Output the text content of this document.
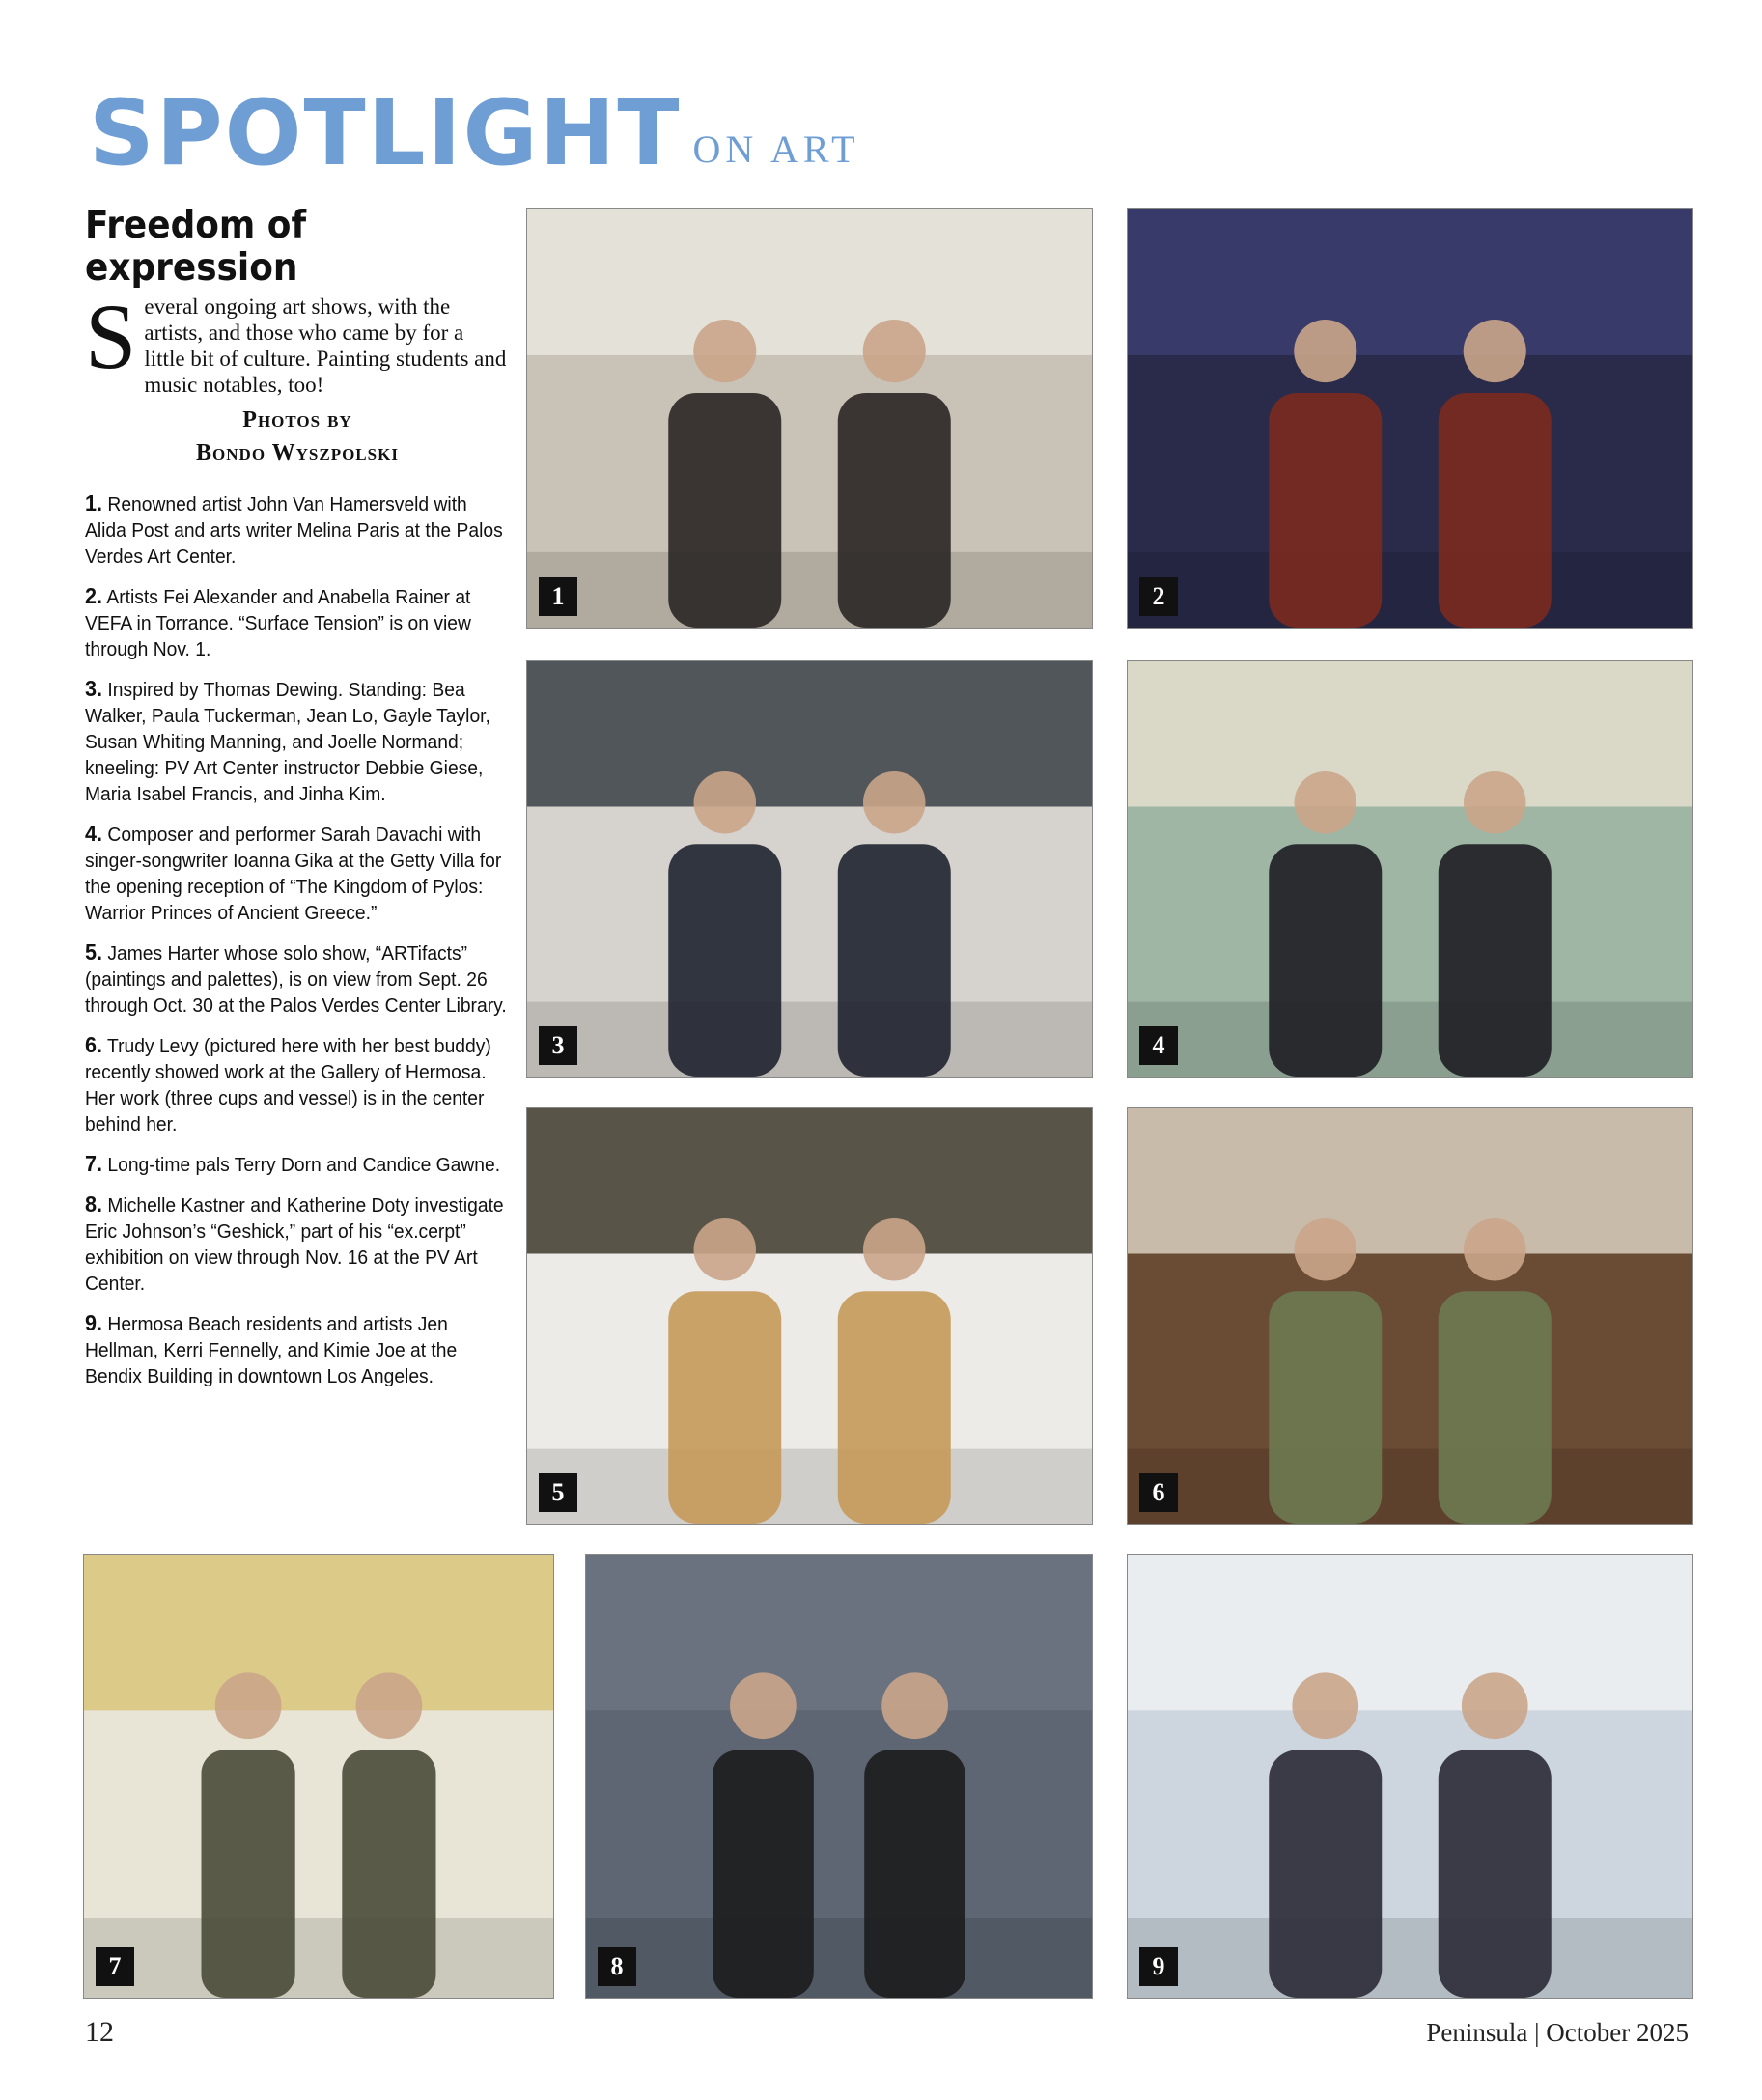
SPOTLIGHT ON ART
Freedom of
expression

Several ongoing art shows, with the artists, and those who came by for a little bit of culture. Painting students and music notables, too!

Photos by
Bondo Wyszpolski

1. Renowned artist John Van Hamersveld with Alida Post and arts writer Melina Paris at the Palos Verdes Art Center.

2. Artists Fei Alexander and Anabella Rainer at VEFA in Torrance. “Surface Tension” is on view through Nov. 1.

3. Inspired by Thomas Dewing. Standing: Bea Walker, Paula Tuckerman, Jean Lo, Gayle Taylor, Susan Whiting Manning, and Joelle Normand; kneeling: PV Art Center instructor Debbie Giese, Maria Isabel Francis, and Jinha Kim.

4. Composer and performer Sarah Davachi with singer-songwriter Ioanna Gika at the Getty Villa for the opening reception of “The Kingdom of Pylos: Warrior Princes of Ancient Greece.”

5. James Harter whose solo show, “ARTifacts” (paintings and palettes), is on view from Sept. 26 through Oct. 30 at the Palos Verdes Center Library.

6. Trudy Levy (pictured here with her best buddy) recently showed work at the Gallery of Hermosa. Her work (three cups and vessel) is in the center behind her.

7. Long-time pals Terry Dorn and Candice Gawne.

8. Michelle Kastner and Katherine Doty investigate Eric Johnson’s “Geshick,” part of his “ex.cerpt” exhibition on view through Nov. 16 at the PV Art Center.

9. Hermosa Beach residents and artists Jen Hellman, Kerri Fennelly, and Kimie Joe at the Bendix Building in downtown Los Angeles.

1	2
3	4
5	6
7	8	9
12	Peninsula | October 2025
